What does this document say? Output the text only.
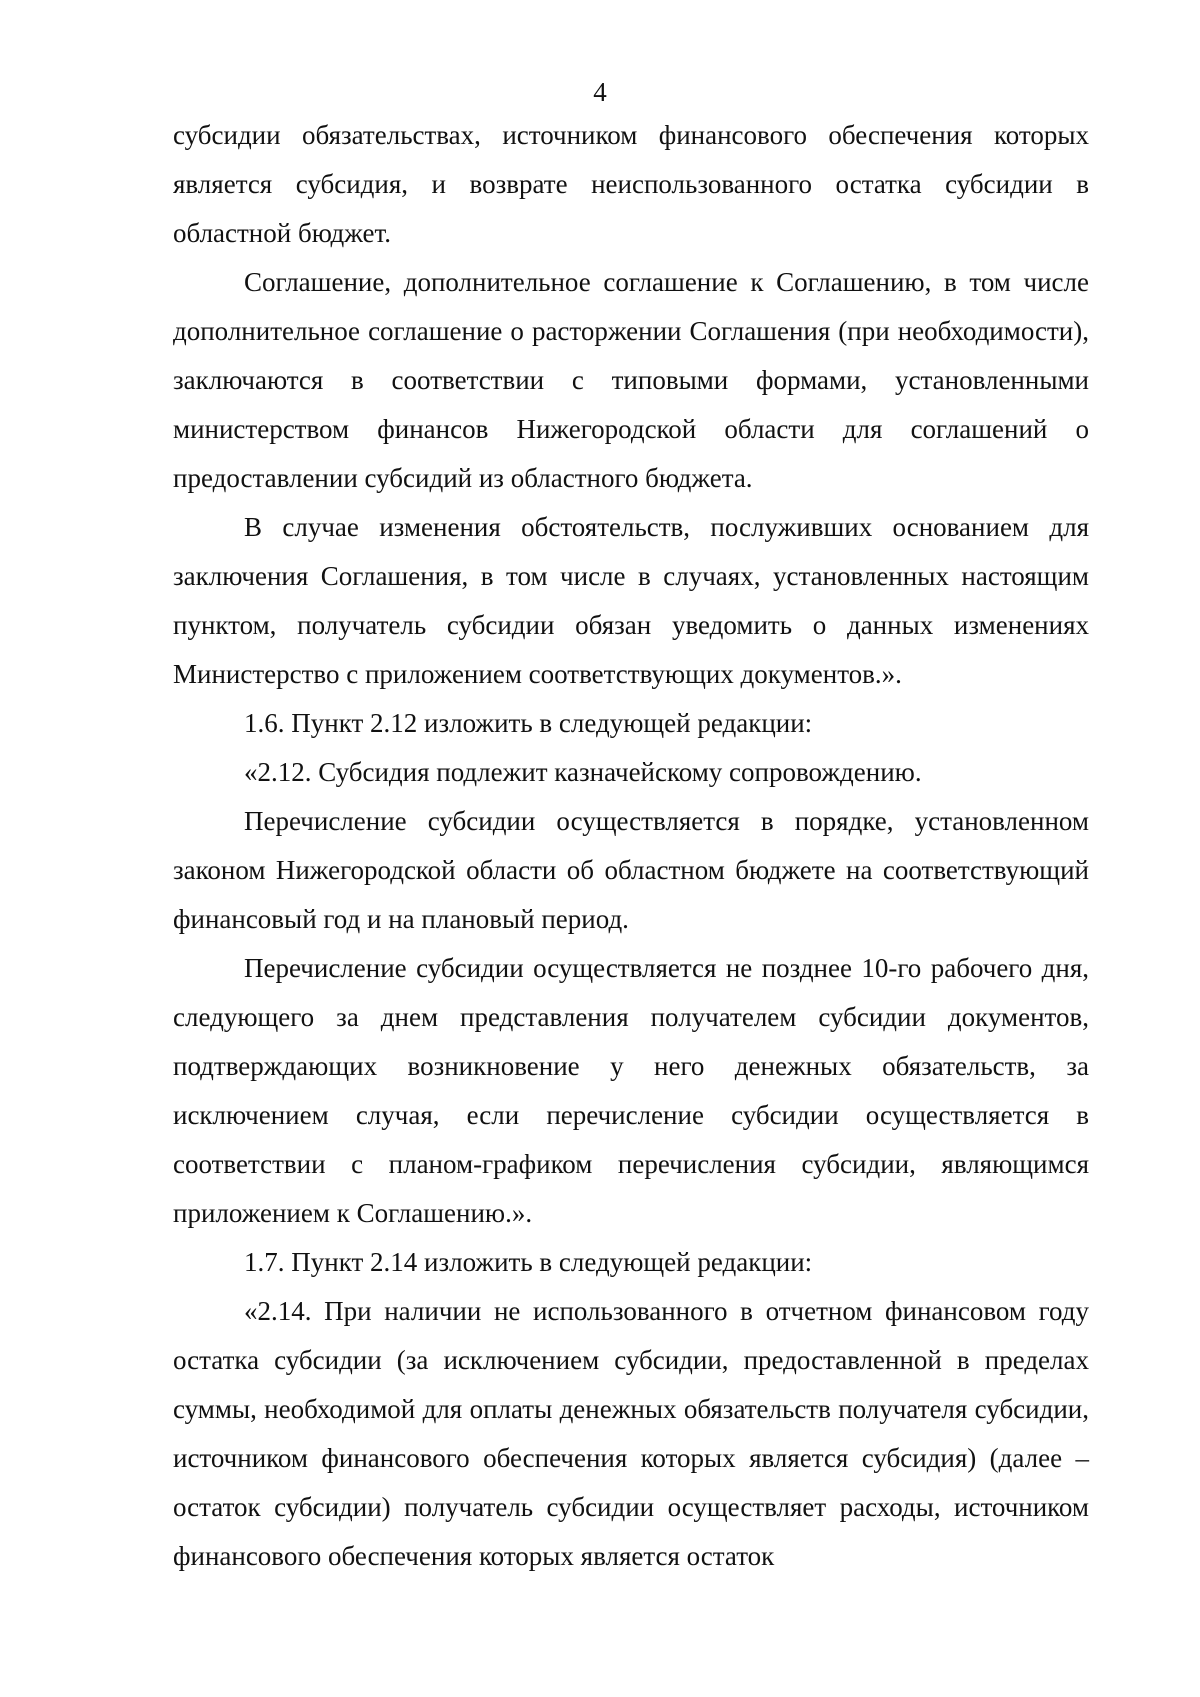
4

субсидии обязательствах, источником финансового обеспечения которых является субсидия, и возврате неиспользованного остатка субсидии в областной бюджет.

Соглашение, дополнительное соглашение к Соглашению, в том числе дополнительное соглашение о расторжении Соглашения (при необходимости), заключаются в соответствии с типовыми формами, установленными министерством финансов Нижегородской области для соглашений о предоставлении субсидий из областного бюджета.

В случае изменения обстоятельств, послуживших основанием для заключения Соглашения, в том числе в случаях, установленных настоящим пунктом, получатель субсидии обязан уведомить о данных изменениях Министерство с приложением соответствующих документов.».

1.6. Пункт 2.12 изложить в следующей редакции:

«2.12. Субсидия подлежит казначейскому сопровождению.

Перечисление субсидии осуществляется в порядке, установленном законом Нижегородской области об областном бюджете на соответствующий финансовый год и на плановый период.

Перечисление субсидии осуществляется не позднее 10-го рабочего дня, следующего за днем представления получателем субсидии документов, подтверждающих возникновение у него денежных обязательств, за исключением случая, если перечисление субсидии осуществляется в соответствии с планом-графиком перечисления субсидии, являющимся приложением к Соглашению.».

1.7. Пункт 2.14 изложить в следующей редакции:

«2.14. При наличии не использованного в отчетном финансовом году остатка субсидии (за исключением субсидии, предоставленной в пределах суммы, необходимой для оплаты денежных обязательств получателя субсидии, источником финансового обеспечения которых является субсидия) (далее – остаток субсидии) получатель субсидии осуществляет расходы, источником финансового обеспечения которых является остаток
